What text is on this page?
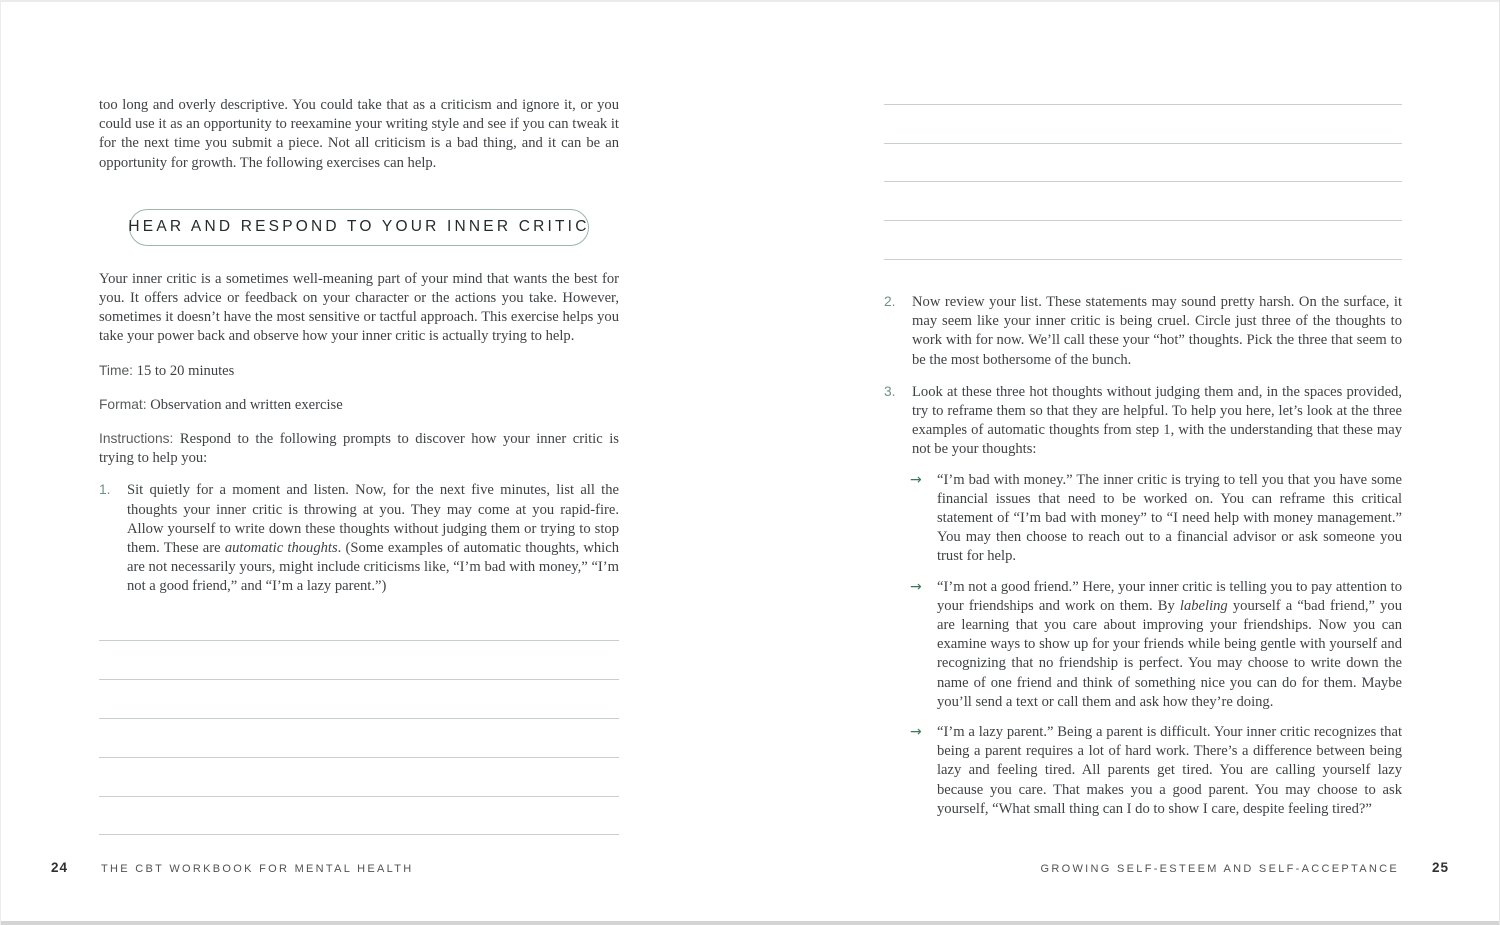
too long and overly descriptive. You could take that as a criticism and ignore it, or you could use it as an opportunity to reexamine your writing style and see if you can tweak it for the next time you submit a piece. Not all criticism is a bad thing, and it can be an opportunity for growth. The following exercises can help.

HEAR AND RESPOND TO YOUR INNER CRITIC

Your inner critic is a sometimes well-meaning part of your mind that wants the best for you. It offers advice or feedback on your character or the actions you take. However, sometimes it doesn’t have the most sensitive or tactful approach. This exercise helps you take your power back and observe how your inner critic is actually trying to help.

Time: 15 to 20 minutes

Format: Observation and written exercise

Instructions: Respond to the following prompts to discover how your inner critic is trying to help you:

1.	Sit quietly for a moment and listen. Now, for the next five minutes, list all the thoughts your inner critic is throwing at you. They may come at you rapid-fire. Allow yourself to write down these thoughts without judging them or trying to stop them. These are automatic thoughts. (Some examples of automatic thoughts, which are not necessarily yours, might include criticisms like, “I’m bad with money,” “I’m not a good friend,” and “I’m a lazy parent.”)
2.	Now review your list. These statements may sound pretty harsh. On the surface, it may seem like your inner critic is being cruel. Circle just three of the thoughts to work with for now. We’ll call these your “hot” thoughts. Pick the three that seem to be the most bothersome of the bunch.
3.	Look at these three hot thoughts without judging them and, in the spaces provided, try to reframe them so that they are helpful. To help you here, let’s look at the three examples of automatic thoughts from step 1, with the understanding that these may not be your thoughts:
→	“I’m bad with money.” The inner critic is trying to tell you that you have some financial issues that need to be worked on. You can reframe this critical statement of “I’m bad with money” to “I need help with money management.” You may then choose to reach out to a financial advisor or ask someone you trust for help.
→	“I’m not a good friend.” Here, your inner critic is telling you to pay attention to your friendships and work on them. By labeling yourself a “bad friend,” you are learning that you care about improving your friendships. Now you can examine ways to show up for your friends while being gentle with yourself and recognizing that no friendship is perfect. You may choose to write down the name of one friend and think of something nice you can do for them. Maybe you’ll send a text or call them and ask how they’re doing.
→	“I’m a lazy parent.” Being a parent is difficult. Your inner critic recognizes that being a parent requires a lot of hard work. There’s a difference between being lazy and feeling tired. All parents get tired. You are calling yourself lazy because you care. That makes you a good parent. You may choose to ask yourself, “What small thing can I do to show I care, despite feeling tired?”
24	THE CBT WORKBOOK FOR MENTAL HEALTH	GROWING SELF-ESTEEM AND SELF-ACCEPTANCE 25
